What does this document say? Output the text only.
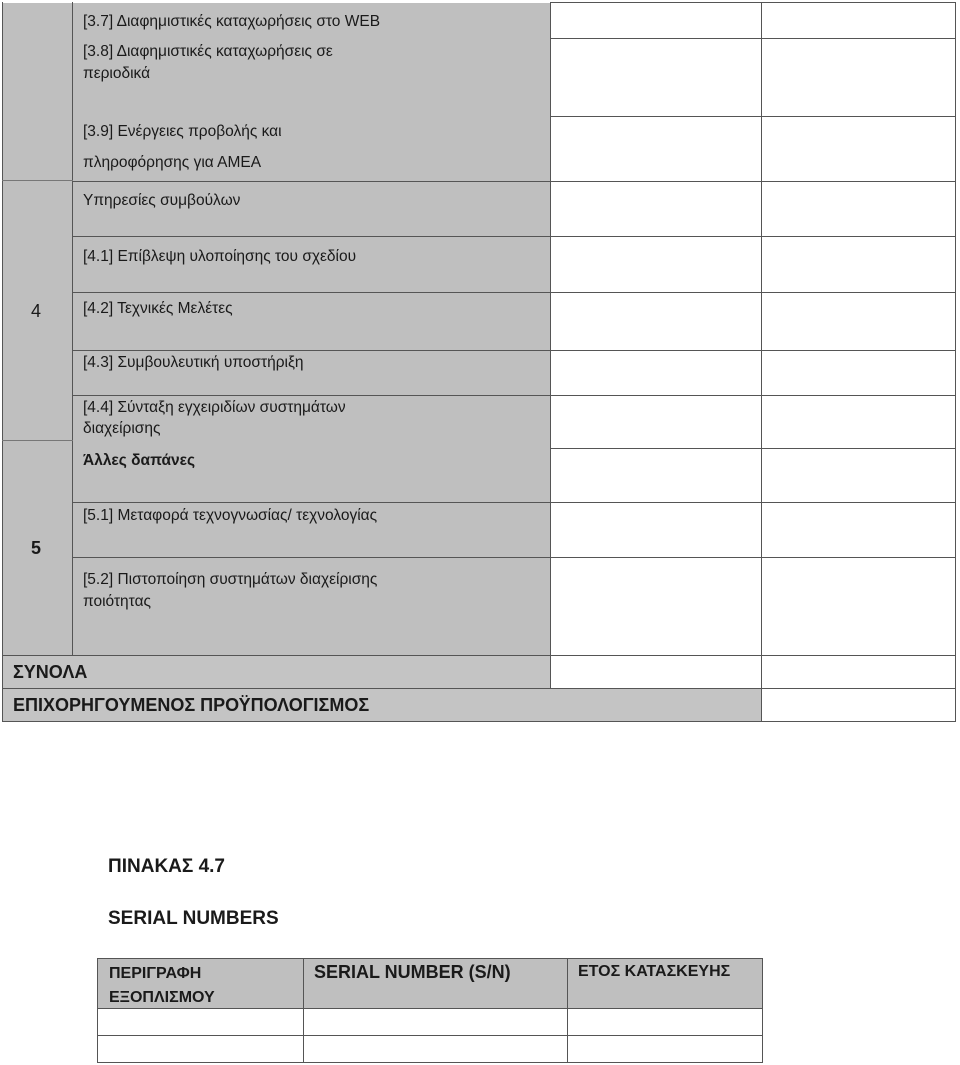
[3.7] Διαφημιστικές καταχωρήσεις στο WEB
[3.8] Διαφημιστικές καταχωρήσεις σε περιοδικά
[3.9] Ενέργειες προβολής και
πληροφόρησης για ΑΜΕΑ
Υπηρεσίες συμβούλων
[4.1] Επίβλεψη υλοποίησης του σχεδίου
[4.2] Τεχνικές Μελέτες
[4.3] Συμβουλευτική υποστήριξη
[4.4] Σύνταξη εγχειριδίων συστημάτων διαχείρισης
Άλλες δαπάνες
[5.1] Μεταφορά τεχνογνωσίας/ τεχνολογίας
[5.2] Πιστοποίηση συστημάτων διαχείρισης ποιότητας
4
5
ΣΥΝΟΛΑ
ΕΠΙΧΟΡΗΓΟΥΜΕΝΟΣ ΠΡΟΫΠΟΛΟΓΙΣΜΟΣ
ΠΙΝΑΚΑΣ 4.7
SERIAL NUMBERS
ΠΕΡΙΓΡΑΦΗ ΕΞΟΠΛΙΣΜΟΥ
SERIAL NUMBER (S/N)	ΕΤΟΣ ΚΑΤΑΣΚΕΥΗΣ
